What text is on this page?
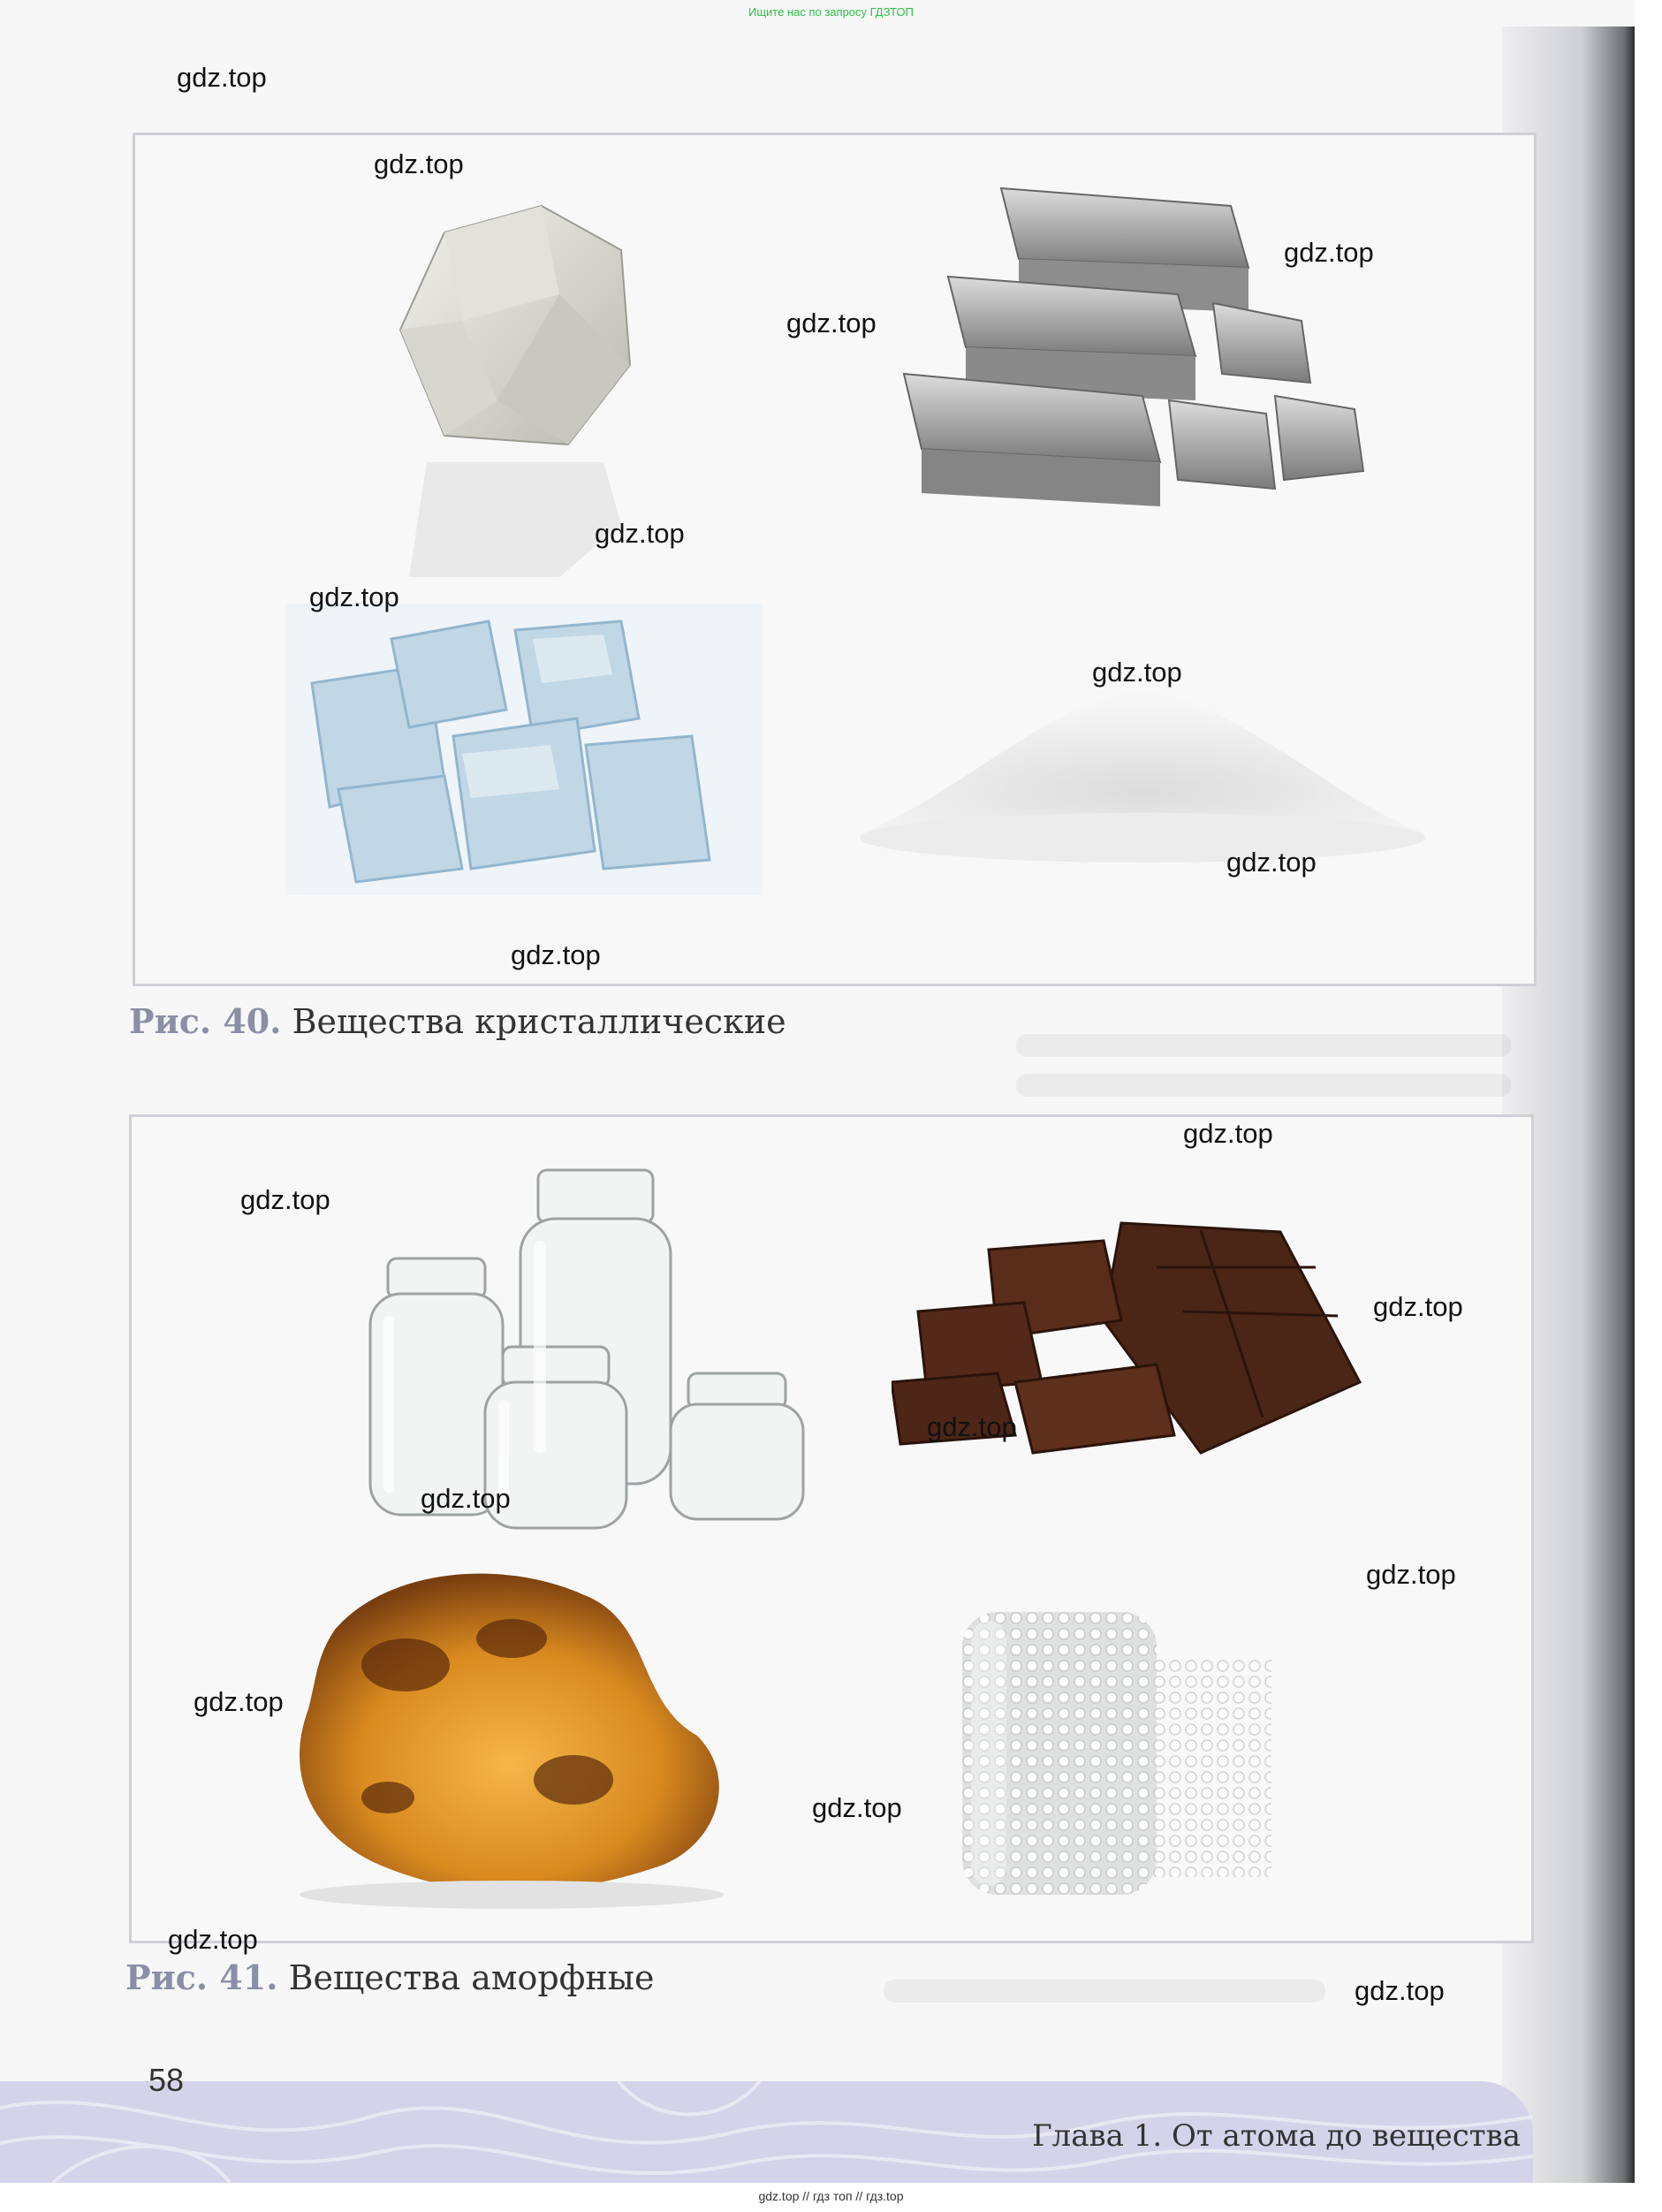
Ищите нас по запросу ГДЗТОП
gdz.top
gdz.top
gdz.top
gdz.top
gdz.top
gdz.top
gdz.top
gdz.top
Рис. 40. Вещества кристаллические
gdz.top
gdz.top
gdz.top
gdz.top
gdz.top
gdz.top
gdz.top
gdz.top
Рис. 41. Вещества аморфные
gdz.top
gdz.top
gdz.top
58
Глава 1. От атома до вещества
gdz.top // гдз топ // гдз.top
